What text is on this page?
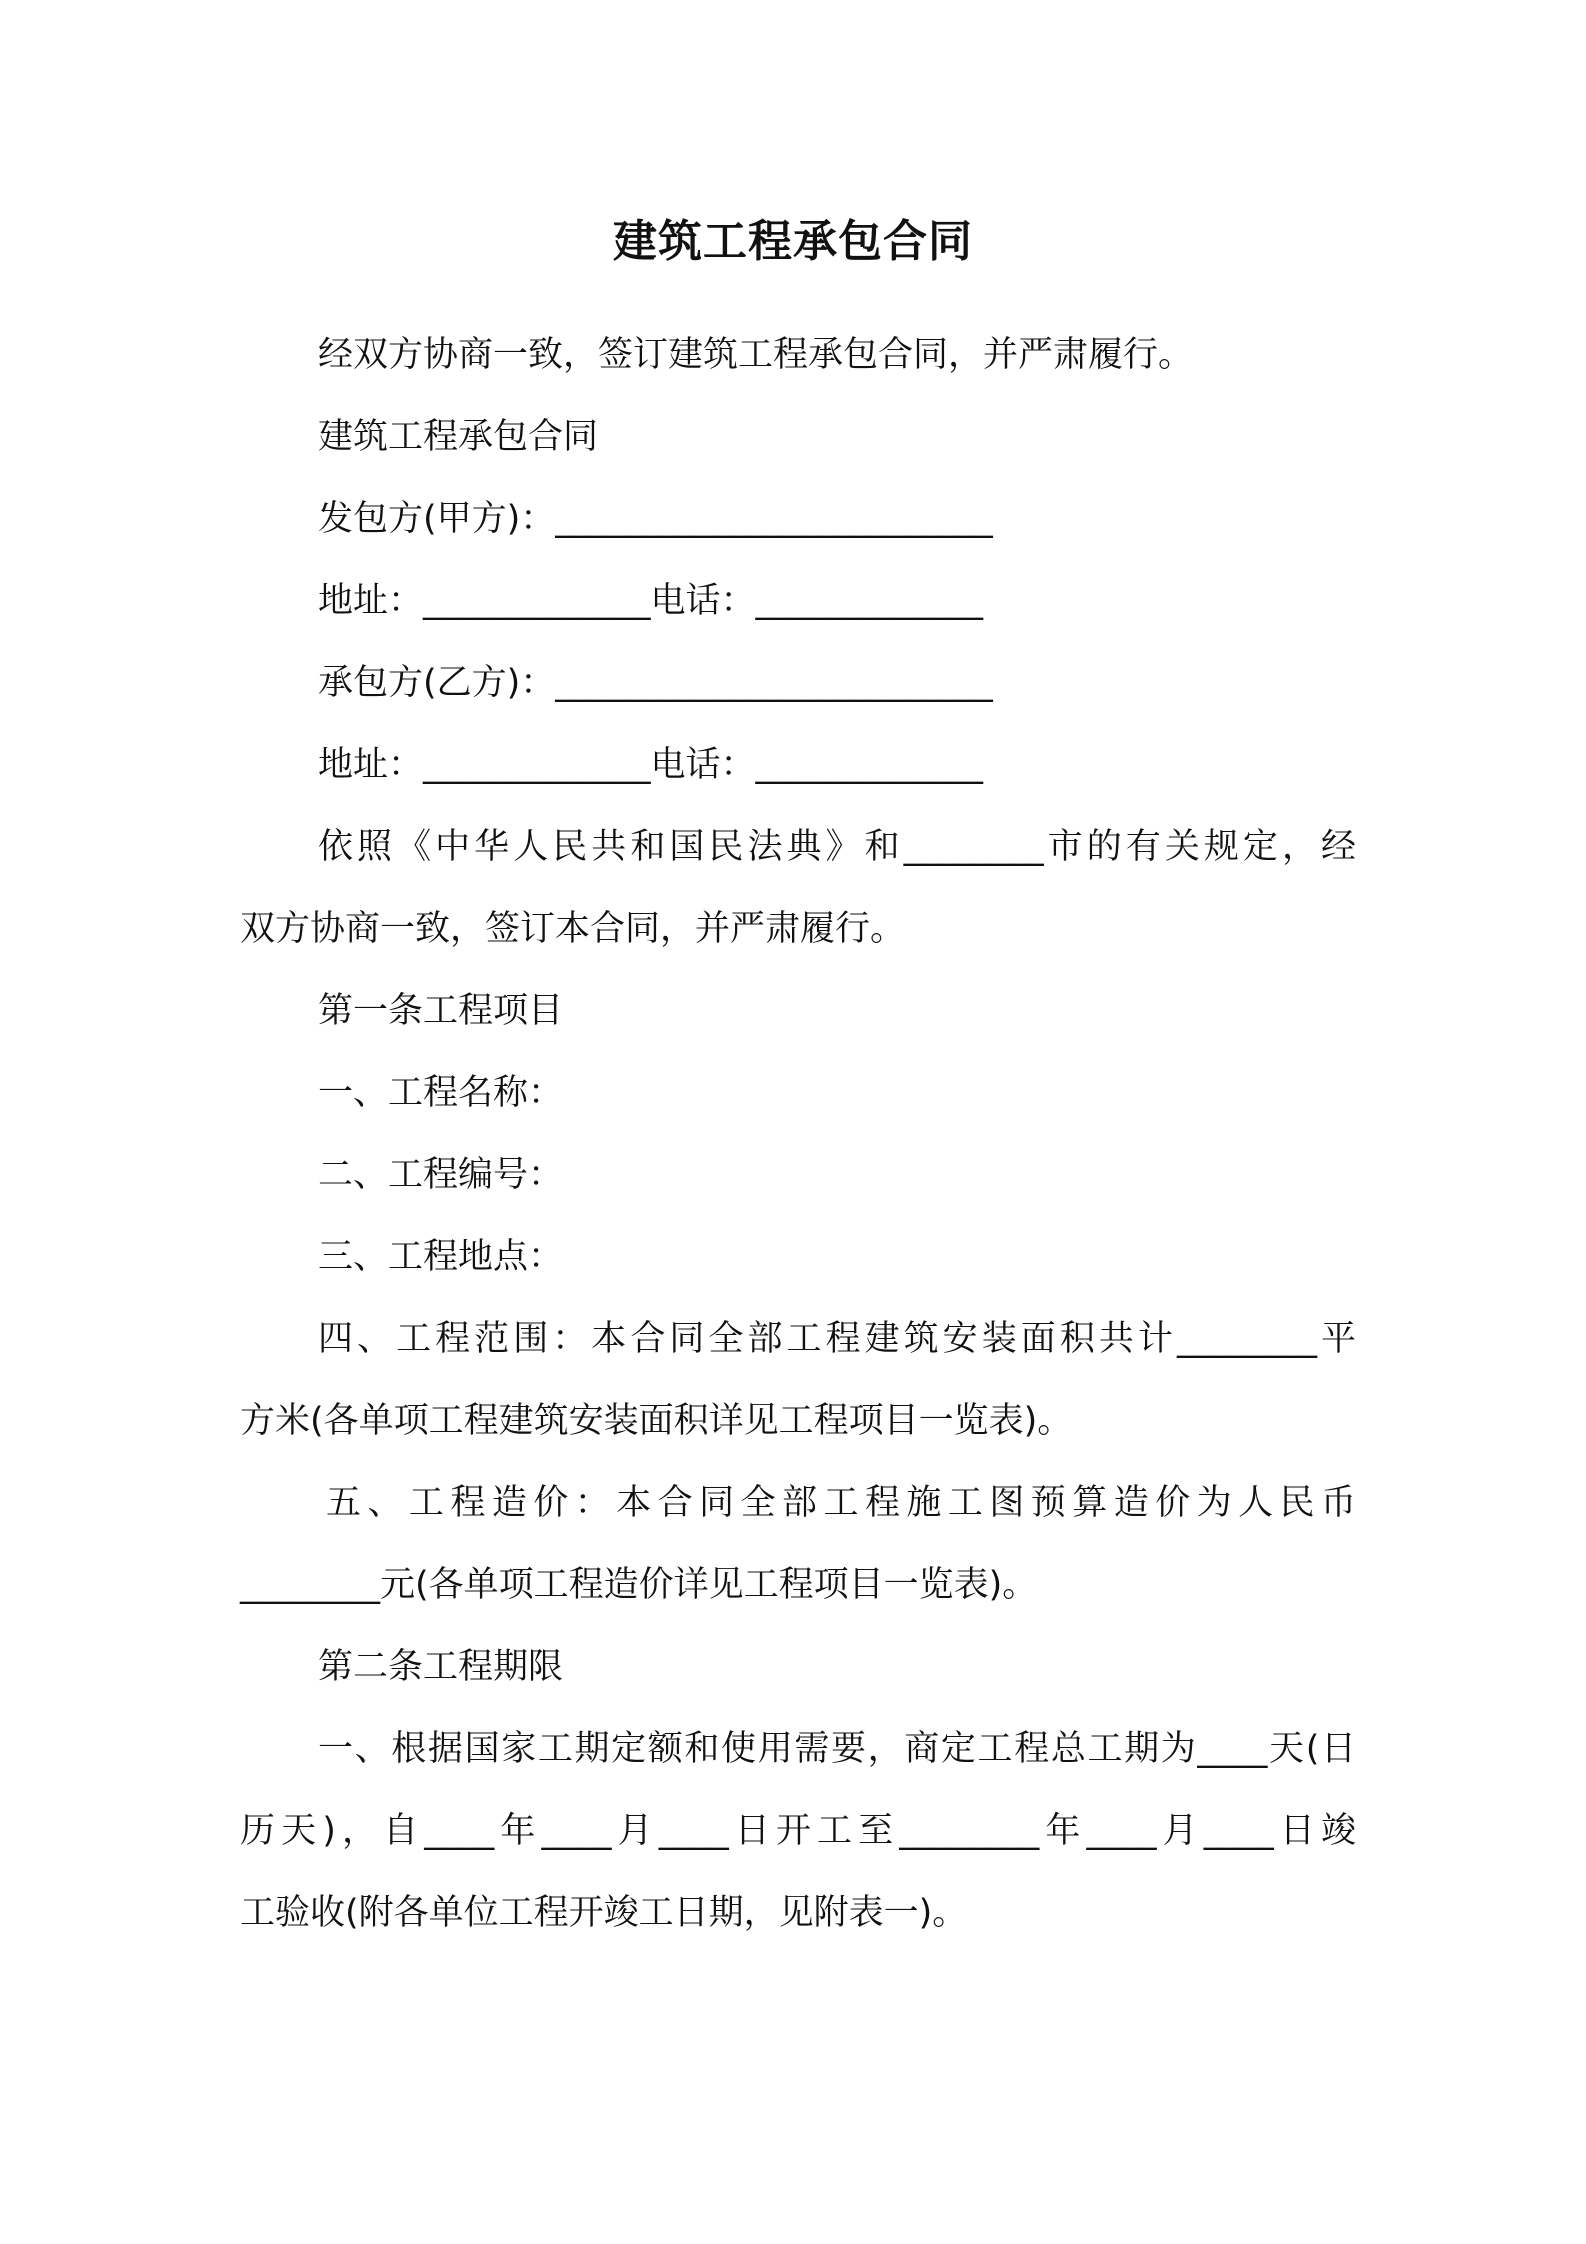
建筑工程承包合同
经双方协商一致，签订建筑工程承包合同，并严肃履行。
建筑工程承包合同
发包方(甲方)：_________________________
地址：_____________电话：_____________
承包方(乙方)：_________________________
地址：_____________电话：_____________
依照《中华人民共和国民法典》和________市的有关规定，经
双方协商一致，签订本合同，并严肃履行。
第一条工程项目
一、工程名称：
二、工程编号：
三、工程地点：
四、工程范围：本合同全部工程建筑安装面积共计________平
方米(各单项工程建筑安装面积详见工程项目一览表)。
五、工程造价：本合同全部工程施工图预算造价为人民币
________元(各单项工程造价详见工程项目一览表)。
第二条工程期限
一、根据国家工期定额和使用需要，商定工程总工期为____天(日
历天)，自____年____月____日开工至________年____月____日竣
工验收(附各单位工程开竣工日期，见附表一)。
